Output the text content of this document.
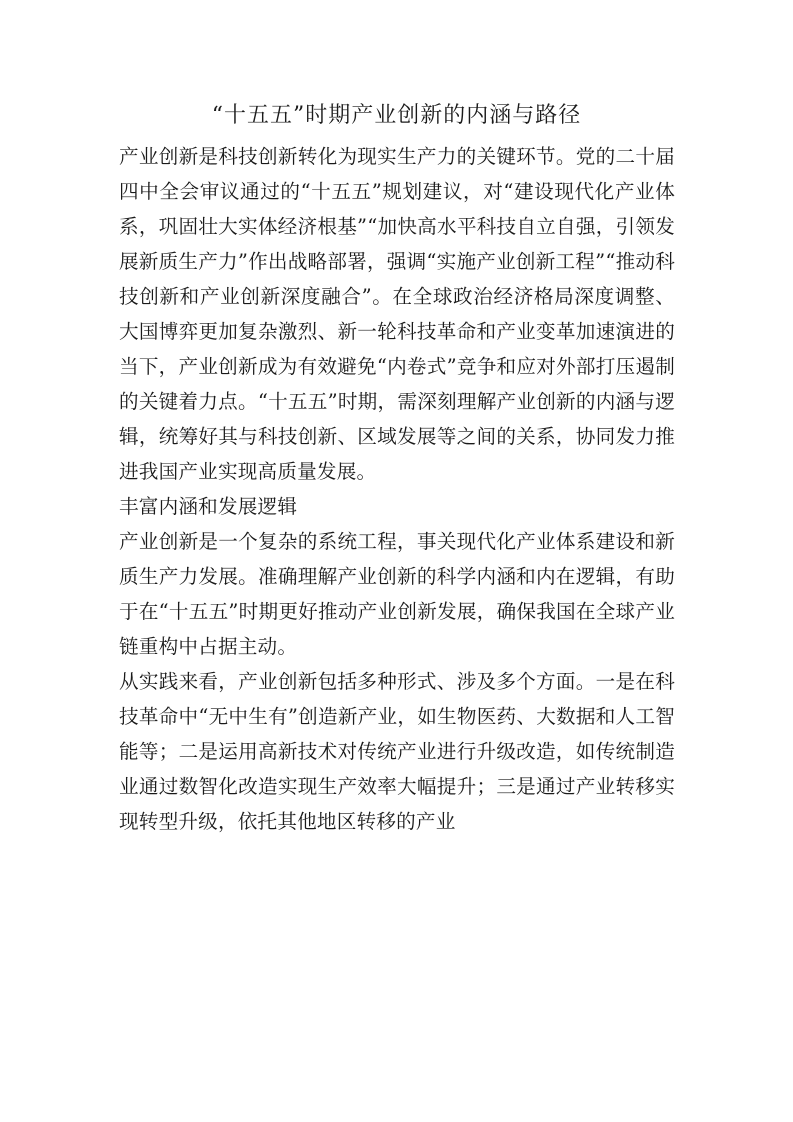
“十五五”时期产业创新的内涵与路径

产业创新是科技创新转化为现实生产力的关键环节。党的二十届四中全会审议通过的“十五五”规划建议，对“建设现代化产业体系，巩固壮大实体经济根基”“加快高水平科技自立自强，引领发展新质生产力”作出战略部署，强调“实施产业创新工程”“推动科技创新和产业创新深度融合”。在全球政治经济格局深度调整、大国博弈更加复杂激烈、新一轮科技革命和产业变革加速演进的当下，产业创新成为有效避免“内卷式”竞争和应对外部打压遏制的关键着力点。“十五五”时期，需深刻理解产业创新的内涵与逻辑，统筹好其与科技创新、区域发展等之间的关系，协同发力推进我国产业实现高质量发展。

丰富内涵和发展逻辑

产业创新是一个复杂的系统工程，事关现代化产业体系建设和新质生产力发展。准确理解产业创新的科学内涵和内在逻辑，有助于在“十五五”时期更好推动产业创新发展，确保我国在全球产业链重构中占据主动。

从实践来看，产业创新包括多种形式、涉及多个方面。一是在科技革命中“无中生有”创造新产业，如生物医药、大数据和人工智能等；二是运用高新技术对传统产业进行升级改造，如传统制造业通过数智化改造实现生产效率大幅提升；三是通过产业转移实现转型升级，依托其他地区转移的产业
